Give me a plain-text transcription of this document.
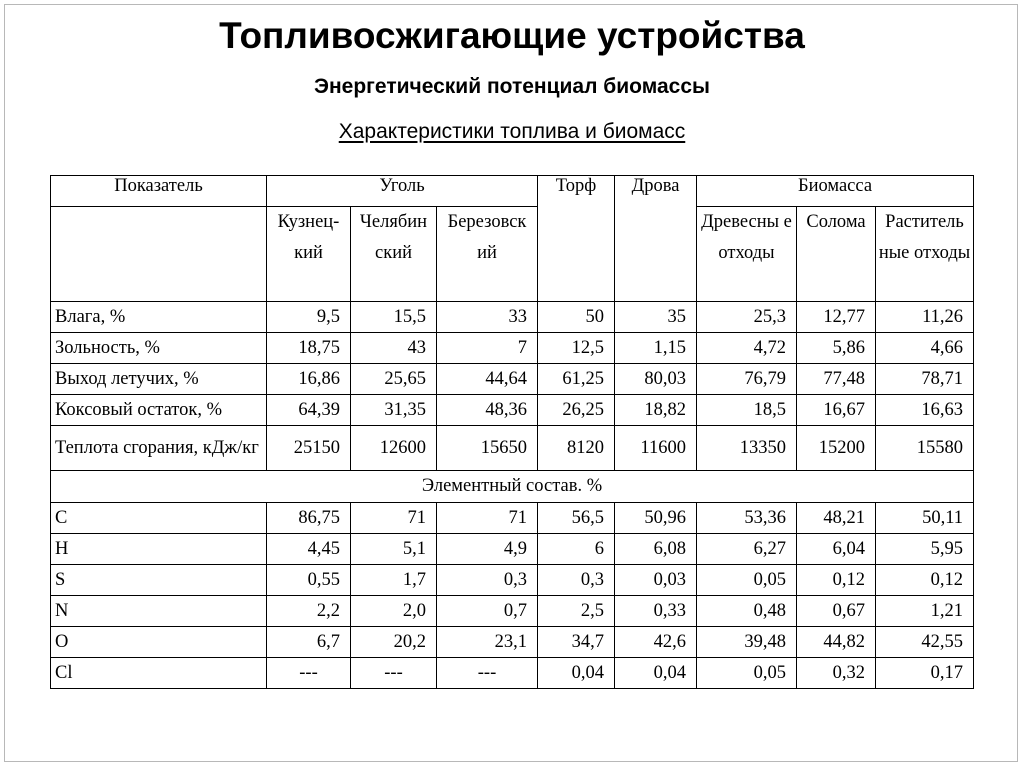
Топливосжигающие устройства
Энергетический потенциал биомассы
Характеристики топлива и биомасс
Показатель	Уголь			Торф	Дрова	Биомасса		
	Кузнец-кий	Челябин ский	Березовск ий			Древесны е отходы	Солома	Раститель ные отходы
Влага, %	9,5	15,5	33	50	35	25,3	12,77	11,26
Зольность, %	18,75	43	7	12,5	1,15	4,72	5,86	4,66
Выход летучих, %	16,86	25,65	44,64	61,25	80,03	76,79	77,48	78,71
Коксовый остаток, %	64,39	31,35	48,36	26,25	18,82	18,5	16,67	16,63
Теплота сгорания, кДж/кг	25150	12600	15650	8120	11600	13350	15200	15580
Элементный состав. %								
C	86,75	71	71	56,5	50,96	53,36	48,21	50,11
H	4,45	5,1	4,9	6	6,08	6,27	6,04	5,95
S	0,55	1,7	0,3	0,3	0,03	0,05	0,12	0,12
N	2,2	2,0	0,7	2,5	0,33	0,48	0,67	1,21
O	6,7	20,2	23,1	34,7	42,6	39,48	44,82	42,55
Cl	---	---	---	0,04	0,04	0,05	0,32	0,17
